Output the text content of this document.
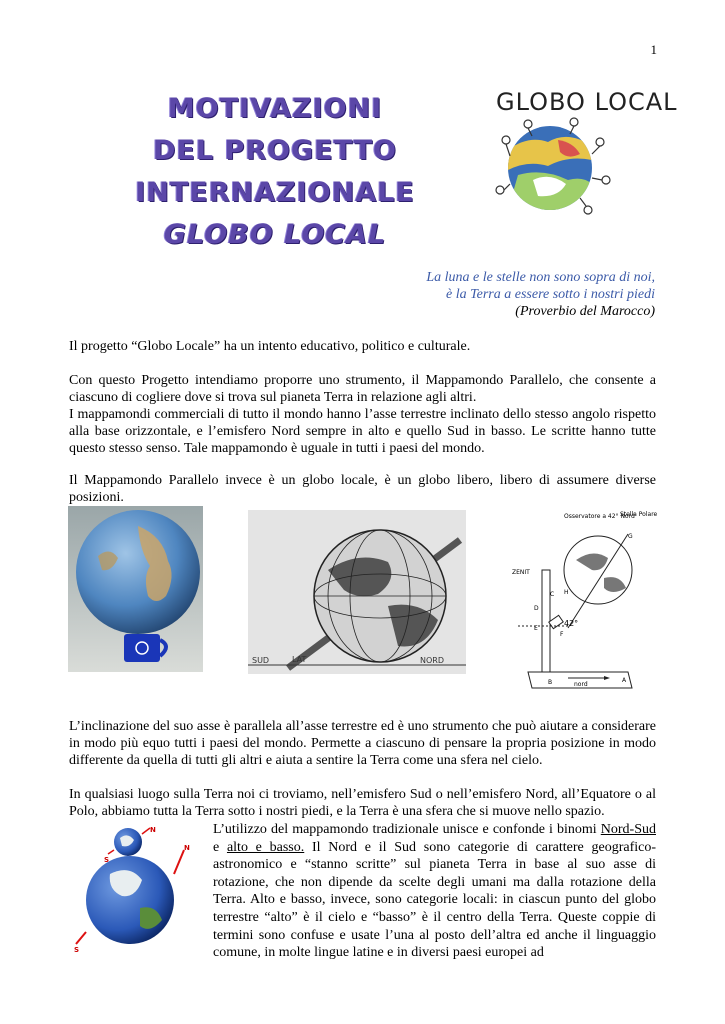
1
MOTIVAZIONI
DEL PROGETTO
INTERNAZIONALE
GLOBO LOCAL
GLOBO LOCAL
La luna e le stelle non sono sopra di noi,
è la Terra a essere sotto i nostri piedi
(Proverbio del Marocco)
Il progetto “Globo Locale” ha un intento educativo, politico e culturale.
Con questo Progetto intendiamo proporre uno strumento, il Mappamondo Parallelo, che consente a ciascuno di cogliere dove si trova sul pianeta Terra in relazione agli altri.
I mappamondi commerciali di tutto il mondo hanno l’asse terrestre inclinato dello stesso angolo rispetto alla base orizzontale, e l’emisfero Nord sempre in alto e quello Sud in basso. Le scritte hanno tutte questo stesso senso. Tale mappamondo è uguale in tutti i paesi del mondo.
Il Mappamondo Parallelo invece è un globo locale, è un globo libero, libero di assumere diverse posizioni.
SUD	LAT	NORD
Osservatore a 42° Nord
Stella Polare
ZENIT
nord
42°
G
H
C
D
E
F
B	A
L’inclinazione del suo asse è parallela all’asse terrestre ed è uno strumento che può aiutare a considerare in modo più equo tutti i paesi del mondo. Permette a ciascuno di pensare la propria posizione in modo differente da quella di tutti gli altri e aiuta a sentire la Terra come una sfera nel cielo.
In qualsiasi luogo sulla Terra noi ci troviamo, nell’emisfero Sud o nell’emisfero Nord, all’Equatore o al Polo, abbiamo tutta la Terra sotto i nostri piedi, e la Terra è una sfera che si muove nello spazio.
N
S
N
S
L’utilizzo del mappamondo tradizionale unisce e confonde i binomi Nord-Sud e alto e basso. Il Nord e il Sud sono categorie di carattere geografico-astronomico e “stanno scritte” sul pianeta Terra in base al suo asse di rotazione, che non dipende da scelte degli umani ma dalla rotazione della Terra. Alto e basso, invece, sono categorie locali: in ciascun punto del globo terrestre “alto” è il cielo e “basso” è il centro della Terra. Queste coppie di termini sono confuse e usate l’una al posto dell’altra ed anche il linguaggio comune, in molte lingue latine e in diversi paesi europei ad
